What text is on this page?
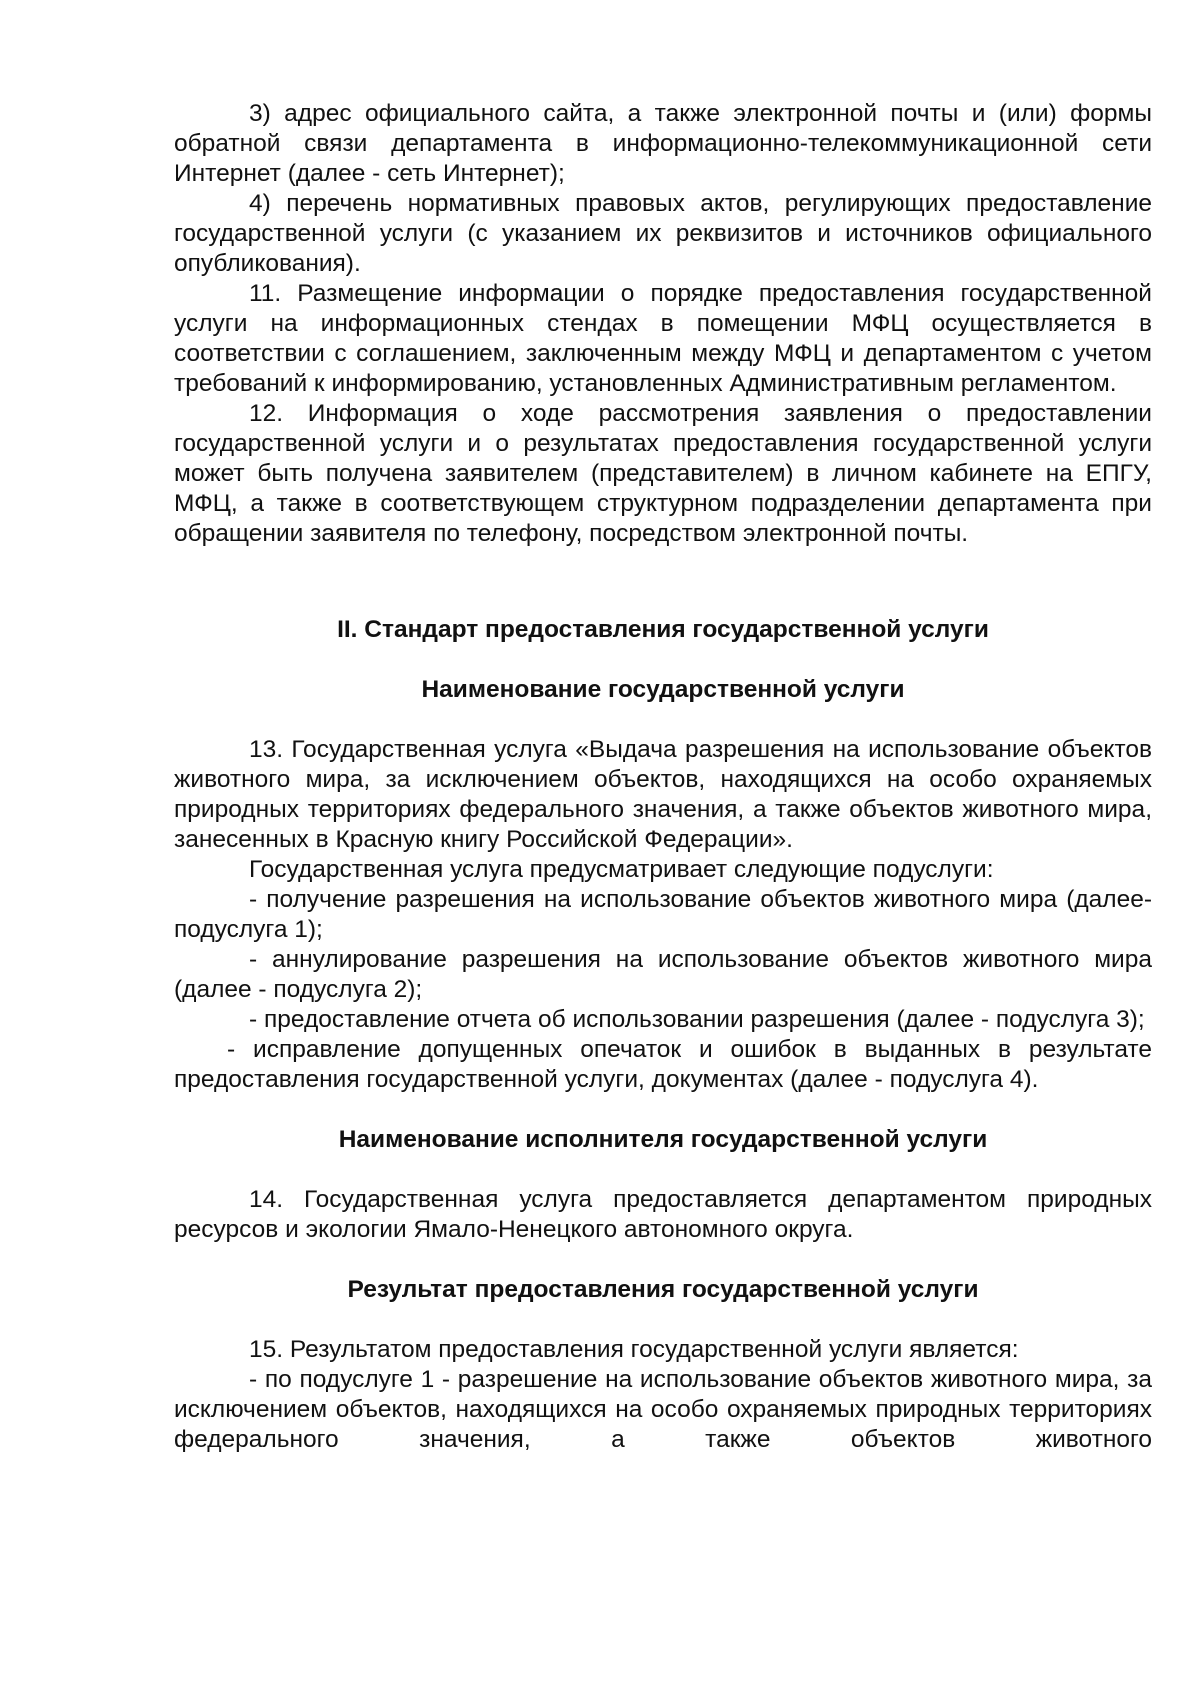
3) адрес официального сайта, а также электронной почты и (или) формы обратной связи департамента в информационно-телекоммуникационной сети Интернет (далее - сеть Интернет);

4) перечень нормативных правовых актов, регулирующих предоставление государственной услуги (с указанием их реквизитов и источников официального опубликования).

11. Размещение информации о порядке предоставления государственной услуги на информационных стендах в помещении МФЦ осуществляется в соответствии с соглашением, заключенным между МФЦ и департаментом с учетом требований к информированию, установленных Административным регламентом.

12. Информация о ходе рассмотрения заявления о предоставлении государственной услуги и о результатах предоставления государственной услуги может быть получена заявителем (представителем) в личном кабинете на ЕПГУ, МФЦ, а также в соответствующем структурном подразделении департамента при обращении заявителя по телефону, посредством электронной почты.

II. Стандарт предоставления государственной услуги

Наименование государственной услуги

13. Государственная услуга «Выдача разрешения на использование объектов животного мира, за исключением объектов, находящихся на особо охраняемых природных территориях федерального значения, а также объектов животного мира, занесенных в Красную книгу Российской Федерации».

Государственная услуга предусматривает следующие подуслуги:

- получение разрешения на использование объектов животного мира (далее- подуслуга 1);

- аннулирование разрешения на использование объектов животного мира (далее - подуслуга 2);

- предоставление отчета об использовании разрешения (далее - подуслуга 3);

- исправление допущенных опечаток и ошибок в выданных в результате предоставления государственной услуги, документах (далее - подуслуга 4).

Наименование исполнителя государственной услуги

14. Государственная услуга предоставляется департаментом природных ресурсов и экологии Ямало-Ненецкого автономного округа.

Результат предоставления государственной услуги

15. Результатом предоставления государственной услуги является:

- по подуслуге 1 - разрешение на использование объектов животного мира, за исключением объектов, находящихся на особо охраняемых природных территориях федерального значения, а также объектов животного
